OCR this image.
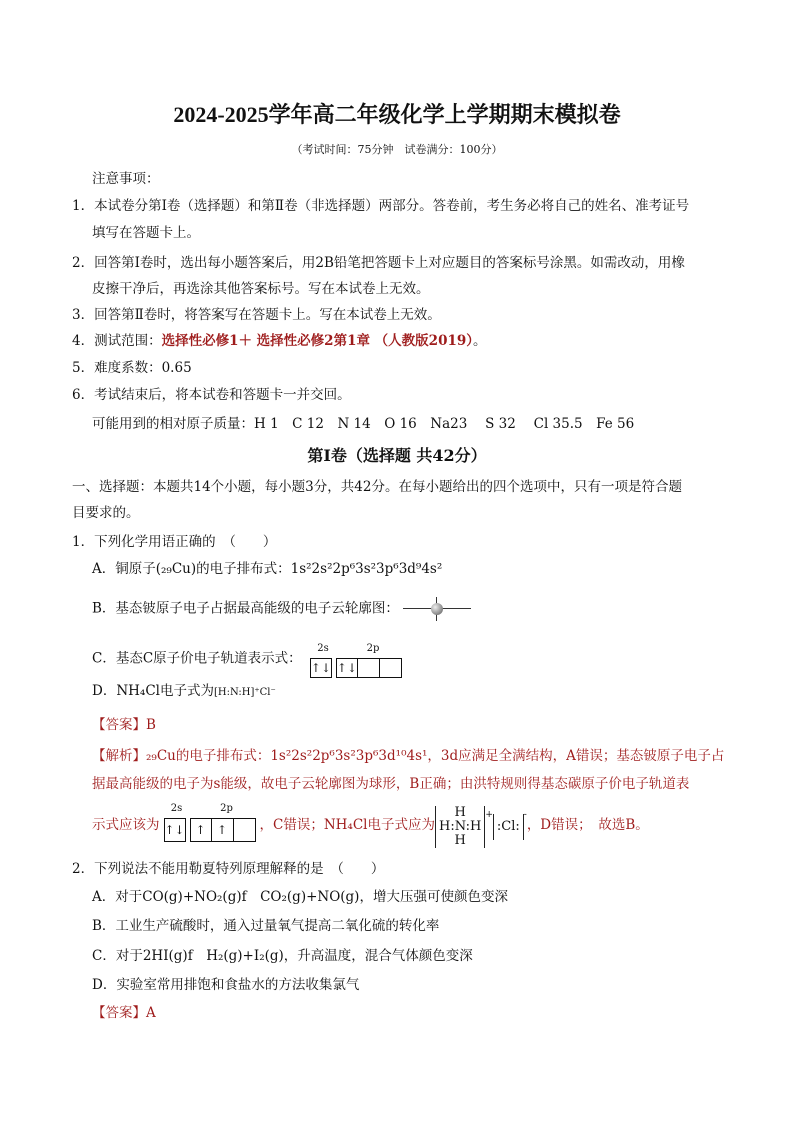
2024-2025学年高二年级化学上学期期末模拟卷
（考试时间：75分钟　试卷满分：100分）
注意事项：
1．本试卷分第Ⅰ卷（选择题）和第Ⅱ卷（非选择题）两部分。答卷前，考生务必将自己的姓名、准考证号
填写在答题卡上。
2．回答第Ⅰ卷时，选出每小题答案后，用2B铅笔把答题卡上对应题目的答案标号涂黑。如需改动，用橡
皮擦干净后，再选涂其他答案标号。写在本试卷上无效。
3．回答第Ⅱ卷时，将答案写在答题卡上。写在本试卷上无效。
4．测试范围：选择性必修1＋ 选择性必修2第1章 （人教版2019）。
5．难度系数：0.65
6．考试结束后，将本试卷和答题卡一并交回。
可能用到的相对原子质量：H 1　C 12　N 14　O 16　Na23　 S 32　 Cl 35.5　Fe 56
第Ⅰ卷（选择题 共42分）
一、选择题：本题共14个小题，每小题3分，共42分。在每小题给出的四个选项中，只有一项是符合题
目要求的。
1．下列化学用语正确的　（　　）
A．铜原子(₂₉Cu)的电子排布式：1s²2s²2p⁶3s²3p⁶3d⁹4s²
B．基态铍原子电子占据最高能级的电子云轮廓图：
C．基态C原子价电子轨道表示式：
2s	2p
↑↓ ↑↓
D．NH₄Cl电子式为[H:N:H]⁺Cl⁻
【答案】B
【解析】₂₉Cu的电子排布式：1s²2s²2p⁶3s²3p⁶3d¹⁰4s¹，3d应满足全满结构，A错误；基态铍原子电子占
据最高能级的电子为s能级，故电子云轮廓图为球形，B正确；由洪特规则得基态碳原子价电子轨道表
示式应该为
2s	2p
↑↓ ↑ ↑	，C错误；NH₄Cl电子式应为
H
H:N:H
H
+
:Cl:
-
，D错误；　故选B。
2．下列说法不能用勒夏特列原理解释的是　（　　）
A．对于CO(g)+NO₂(g)f　CO₂(g)+NO(g)，增大压强可使颜色变深
B．工业生产硫酸时，通入过量氧气提高二氧化硫的转化率
C．对于2HI(g)f　H₂(g)+I₂(g)，升高温度，混合气体颜色变深
D．实验室常用排饱和食盐水的方法收集氯气
【答案】A
